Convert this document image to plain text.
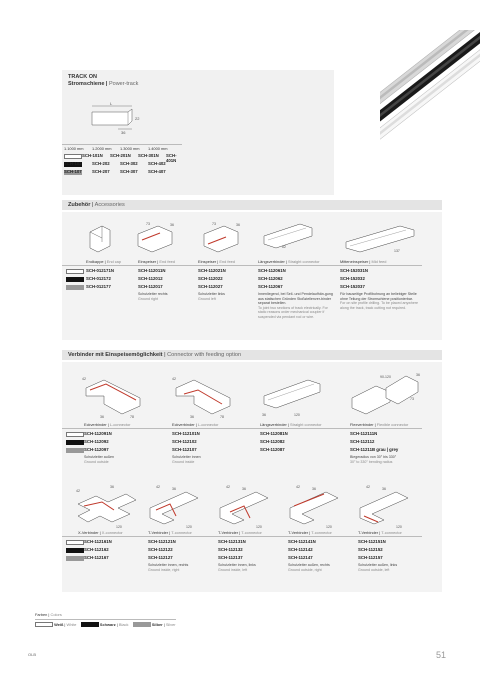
TRACK ON
Stromschiene | Power-track
L
36
22
1.1000 mm 1.2000 mm 1.3000 mm 1.4000 mm
SCH-102 SCH-202 SCH-302 SCH-402
SCH-107 SCH-207 SCH-307 SCH-407
SCH-101N SCH-201N SCH-301N SCH-401N
Zubehör | Accessories
73	36	73	36
62
137
Endkappe | End cap	Einspeiser | End feed	Einspeiser | End feed	Längsverbinder | Straight connector	Mitteneinspeiser | Mid feed
SCH-012171N	SCH-112011N	SCH-112021N	SCH-112061N	SCH-152031N
SCH-012172	SCH-112012	SCH-112022	SCH-112062	SCH-152032
SCH-012177	SCH-112017	SCH-112027	SCH-112067	SCH-152037
Schutzleiter rechts
Ground right
Schutzleiter links
Ground left
Innenliegend, bei Seil- und Pendelaufhän-gung aus statischen Gründen Stoßstellenver-binder separat bestellen.
To joint two sections of track electrically. For static reasons order mechanical coupler if suspended via pendant rod or wire.
Für bauseitige Profilbohrung an beliebiger Stelle ohne Teilung der Stromschiene positionierbar.
For on site profile drilling. To be placed anywhere along the track, track cutting not required.
Verbinder mit Einspeisemöglichkeit | Connector with feeding option
42
36	78
42
36	78	36	120
90-120
73
36
Eckverbinder | L-connector	Eckverbinder | L-connector	Längsverbinder | Straight connector	Flexverbinder | Flexible connector
SCH-112091N	SCH-112101N	SCH-112081N	SCH-112111N
SCH-112092	SCH-112102	SCH-112082	SCH-112112
SCH-112097	SCH-112107	SCH-112087	SCH-11211B grau | grey
Schutzleiter außen
Ground outside
Schutzleiter innen
Ground inside
Biegeradius von 30° bis 330°
30° to 330° bending radius
42
36
120
42	36
120
42	36
120
42	36
120
42	36
120
X-Verbinder | X-connector	T-Verbinder | T-connector	T-Verbinder | T-connector	T-Verbinder | T-connector	T-Verbinder | T-connector
SCH-112161N	SCH-112121N	SCH-112131N	SCH-112141N	SCH-112151N
SCH-112162	SCH-112122	SCH-112132	SCH-112142	SCH-112152
SCH-112167	SCH-112127	SCH-112137	SCH-112147	SCH-112157
Schutzleiter innen, rechts
Ground inside, right
Schutzleiter innen, links
Ground inside, left
Schutzleiter außen, rechts
Ground outside, right
Schutzleiter außen, links
Ground outside, left
Farben | Colors
Weiß | White	Schwarz | Black	Silber | Silver
OLB	51
